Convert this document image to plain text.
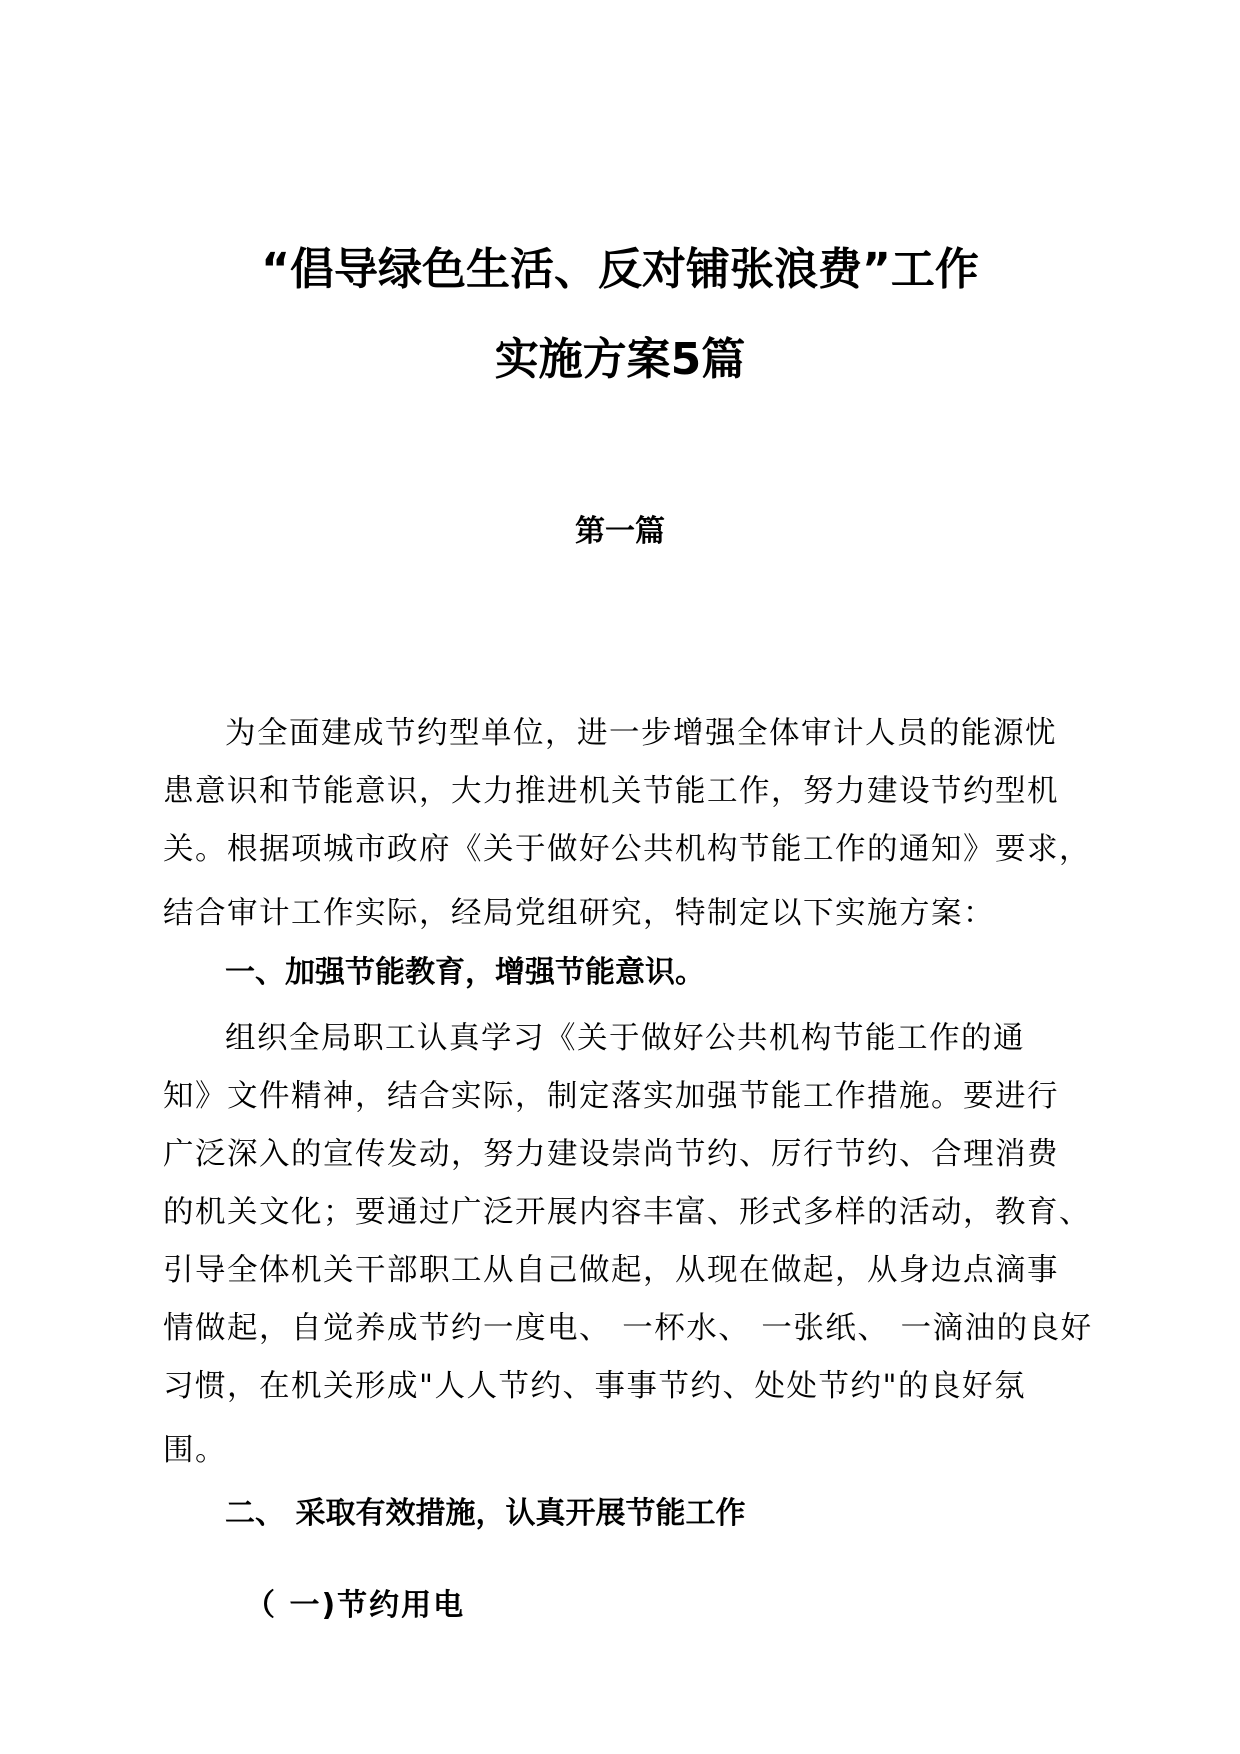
“倡导绿色生活、反对铺张浪费”工作
实施方案5篇
第一篇
为全面建成节约型单位，进一步增强全体审计人员的能源忧
患意识和节能意识，大力推进机关节能工作，努力建设节约型机
关。根据项城市政府《关于做好公共机构节能工作的通知》要求，
结合审计工作实际，经局党组研究，特制定以下实施方案：
一、加强节能教育，增强节能意识。
组织全局职工认真学习《关于做好公共机构节能工作的通
知》文件精神，结合实际，制定落实加强节能工作措施。要进行
广泛深入的宣传发动，努力建设崇尚节约、厉行节约、合理消费
的机关文化；要通过广泛开展内容丰富、形式多样的活动，教育、
引导全体机关干部职工从自己做起，从现在做起，从身边点滴事
情做起，自觉养成节约一度电、 一杯水、 一张纸、 一滴油的良好
习惯，在机关形成"人人节约、事事节约、处处节约"的良好氛
围。
二、 采取有效措施，认真开展节能工作
（ 一)节约用电
